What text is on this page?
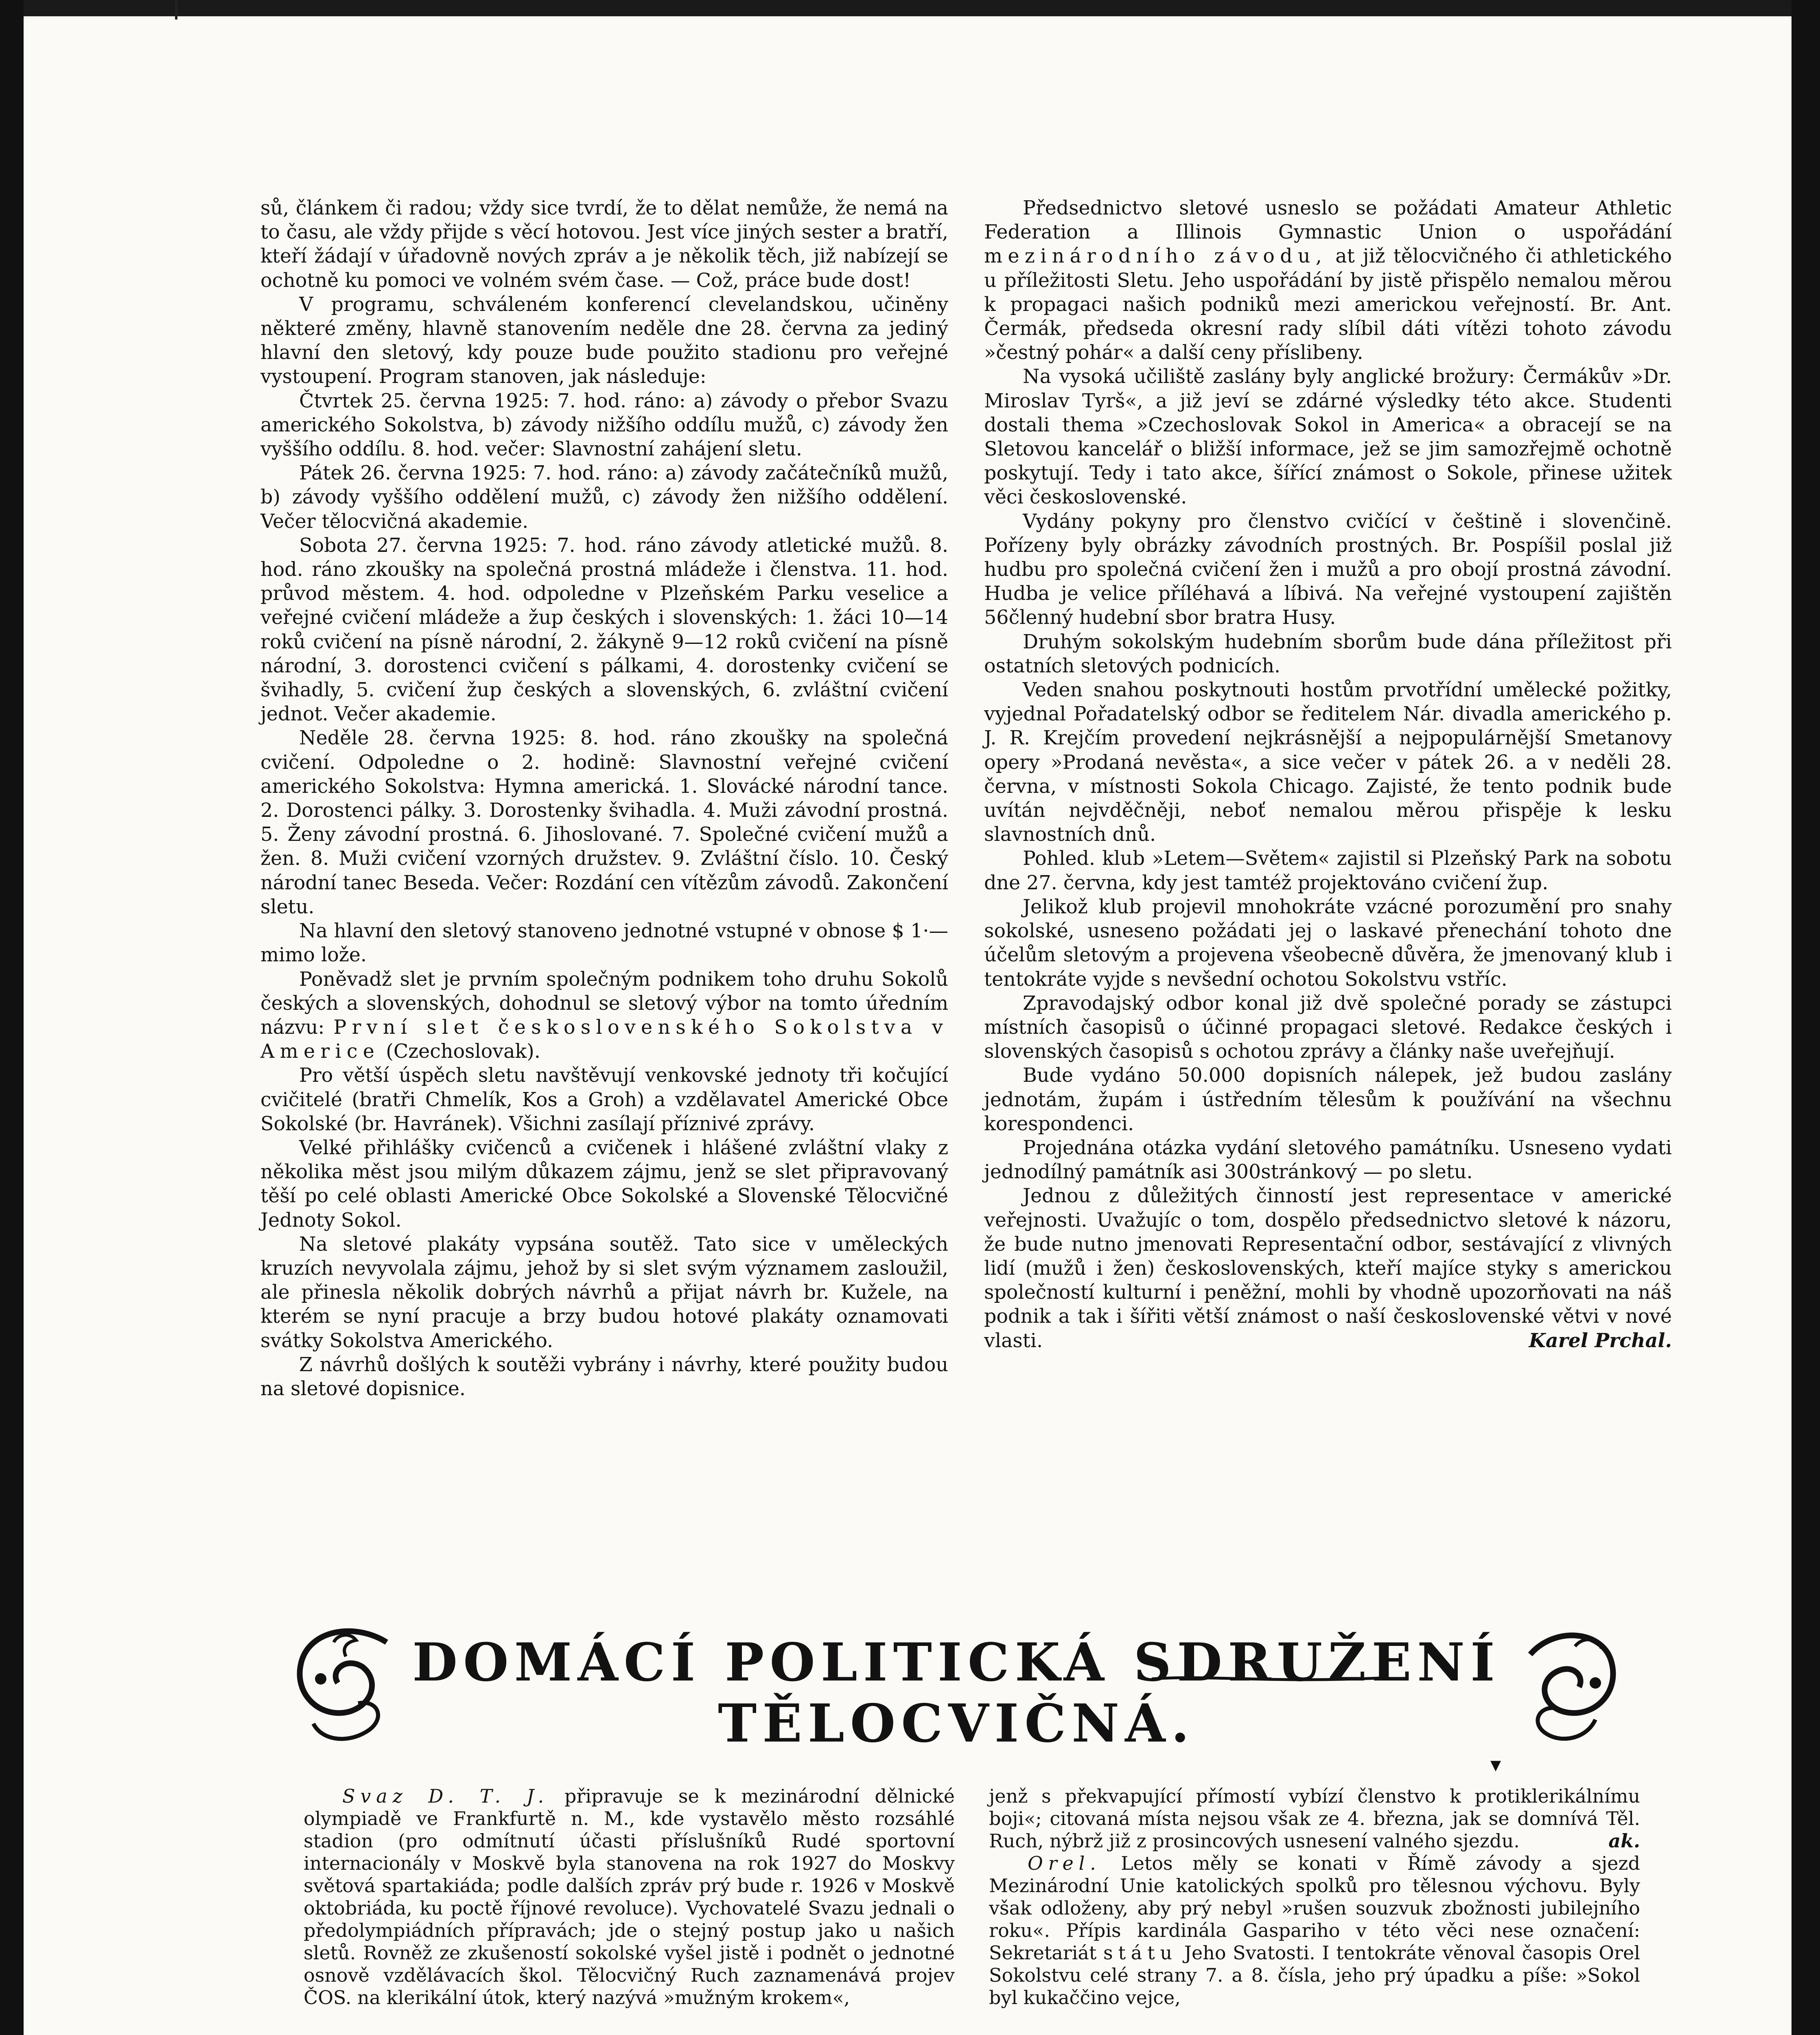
sů, článkem či radou; vždy sice tvrdí, že to dělat nemůže, že nemá na to času, ale vždy přijde s věcí hotovou. Jest více jiných sester a bratří, kteří žádají v úřadovně nových zpráv a je několik těch, již nabízejí se ochotně ku pomoci ve volném svém čase. — Což, práce bude dost!

V programu, schváleném konferencí clevelandskou, učiněny některé změny, hlavně stanovením neděle dne 28. června za jediný hlavní den sletový, kdy pouze bude použito stadionu pro veřejné vystoupení. Program stanoven, jak následuje:

Čtvrtek 25. června 1925: 7. hod. ráno: a) závody o přebor Svazu amerického Sokolstva, b) závody nižšího oddílu mužů, c) závody žen vyššího oddílu. 8. hod. večer: Slavnostní zahájení sletu.

Pátek 26. června 1925: 7. hod. ráno: a) závody začátečníků mužů, b) závody vyššího oddělení mužů, c) závody žen nižšího oddělení. Večer tělocvičná akademie.

Sobota 27. června 1925: 7. hod. ráno závody atletické mužů. 8. hod. ráno zkoušky na společná prostná mládeže i členstva. 11. hod. průvod městem. 4. hod. odpoledne v Plzeňském Parku veselice a veřejné cvičení mládeže a žup českých i slovenských: 1. žáci 10—14 roků cvičení na písně národní, 2. žákyně 9—12 roků cvičení na písně národní, 3. dorostenci cvičení s pálkami, 4. dorostenky cvičení se švihadly, 5. cvičení žup českých a slovenských, 6. zvláštní cvičení jednot. Večer akademie.

Neděle 28. června 1925: 8. hod. ráno zkoušky na společná cvičení. Odpoledne o 2. hodině: Slavnostní veřejné cvičení amerického Sokolstva: Hymna americká. 1. Slovácké národní tance. 2. Dorostenci pálky. 3. Dorostenky švihadla. 4. Muži závodní prostná. 5. Ženy závodní prostná. 6. Jihoslované. 7. Společné cvičení mužů a žen. 8. Muži cvičení vzorných družstev. 9. Zvláštní číslo. 10. Český národní tanec Beseda. Večer: Rozdání cen vítězům závodů. Zakončení sletu.

Na hlavní den sletový stanoveno jednotné vstupné v obnose $ 1·— mimo lože.

Poněvadž slet je prvním společným podnikem toho druhu Sokolů českých a slovenských, dohodnul se sletový výbor na tomto úředním názvu: První slet československého Sokolstva v Americe (Czechoslovak).

Pro větší úspěch sletu navštěvují venkovské jednoty tři kočující cvičitelé (bratři Chmelík, Kos a Groh) a vzdělavatel Americké Obce Sokolské (br. Havránek). Všichni zasílají příznivé zprávy.

Velké přihlášky cvičenců a cvičenek i hlášené zvláštní vlaky z několika měst jsou milým důkazem zájmu, jenž se slet připravovaný těší po celé oblasti Americké Obce Sokolské a Slovenské Tělocvičné Jednoty Sokol.

Na sletové plakáty vypsána soutěž. Tato sice v uměleckých kruzích nevyvolala zájmu, jehož by si slet svým významem zasloužil, ale přinesla několik dobrých návrhů a přijat návrh br. Kužele, na kterém se nyní pracuje a brzy budou hotové plakáty oznamovati svátky Sokolstva Amerického.

Z návrhů došlých k soutěži vybrány i návrhy, které použity budou na sletové dopisnice.

Předsednictvo sletové usneslo se požádati Amateur Athletic Federation a Illinois Gymnastic Union o uspořádání mezinárodního závodu, at již tělocvičného či athletického u příležitosti Sletu. Jeho uspořádání by jistě přispělo nemalou měrou k propagaci našich podniků mezi americkou veřejností. Br. Ant. Čermák, předseda okresní rady slíbil dáti vítězi tohoto závodu »čestný pohár« a další ceny příslibeny.

Na vysoká učiliště zaslány byly anglické brožury: Čermákův »Dr. Miroslav Tyrš«, a již jeví se zdárné výsledky této akce. Studenti dostali thema »Czechoslovak Sokol in America« a obracejí se na Sletovou kancelář o bližší informace, jež se jim samozřejmě ochotně poskytují. Tedy i tato akce, šířící známost o Sokole, přinese užitek věci československé.

Vydány pokyny pro členstvo cvičící v češtině i slovenčině. Pořízeny byly obrázky závodních prostných. Br. Pospíšil poslal již hudbu pro společná cvičení žen i mužů a pro obojí prostná závodní. Hudba je velice příléhavá a líbivá. Na veřejné vystoupení zajištěn 56členný hudební sbor bratra Husy.

Druhým sokolským hudebním sborům bude dána příležitost při ostatních sletových podnicích.

Veden snahou poskytnouti hostům prvotřídní umělecké požitky, vyjednal Pořadatelský odbor se ředitelem Nár. divadla amerického p. J. R. Krejčím provedení nejkrásnější a nejpopulárnější Smetanovy opery »Prodaná nevěsta«, a sice večer v pátek 26. a v neděli 28. června, v místnosti Sokola Chicago. Zajisté, že tento podnik bude uvítán nejvděčněji, neboť nemalou měrou přispěje k lesku slavnostních dnů.

Pohled. klub »Letem—Světem« zajistil si Plzeňský Park na sobotu dne 27. června, kdy jest tamtéž projektováno cvičení žup.

Jelikož klub projevil mnohokráte vzácné porozumění pro snahy sokolské, usneseno požádati jej o laskavé přenechání tohoto dne účelům sletovým a projevena všeobecně důvěra, že jmenovaný klub i tentokráte vyjde s nevšední ochotou Sokolstvu vstříc.

Zpravodajský odbor konal již dvě společné porady se zástupci místních časopisů o účinné propagaci sletové. Redakce českých i slovenských časopisů s ochotou zprávy a články naše uveřejňují.

Bude vydáno 50.000 dopisních nálepek, jež budou zaslány jednotám, župám i ústředním tělesům k používání na všechnu korespondenci.

Projednána otázka vydání sletového památníku. Usneseno vydati jednodílný památník asi 300stránkový — po sletu.

Jednou z důležitých činností jest representace v americké veřejnosti. Uvažujíc o tom, dospělo předsednictvo sletové k názoru, že bude nutno jmenovati Representační odbor, sestávající z vlivných lidí (mužů i žen) československých, kteří majíce styky s americkou společností kulturní i peněžní, mohli by vhodně upozorňovati na náš podnik a tak i šířiti větší známost o naší československé větvi v nové vlasti.	Karel Prchal.

DOMÁCÍ POLITICKÁ SDRUŽENÍ
TĚLOCVIČNÁ.
▾

Svaz D. T. J. připravuje se k mezinárodní dělnické olympiadě ve Frankfurtě n. M., kde vystavělo město rozsáhlé stadion (pro odmítnutí účasti příslušníků Rudé sportovní internacionály v Moskvě byla stanovena na rok 1927 do Moskvy světová spartakiáda; podle dalších zpráv prý bude r. 1926 v Moskvě oktobriáda, ku poctě říjnové revoluce). Vychovatelé Svazu jednali o předolympiádních přípravách; jde o stejný postup jako u našich sletů. Rovněž ze zkušeností sokolské vyšel jistě i podnět o jednotné osnově vzdělávacích škol. Tělocvičný Ruch zaznamenává projev ČOS. na klerikální útok, který nazývá »mužným krokem«,

jenž s překvapující přímostí vybízí členstvo k protiklerikálnímu boji«; citovaná místa nejsou však ze 4. března, jak se domnívá Těl. Ruch, nýbrž již z prosincových usnesení valného sjezdu.	ak.

Orel. Letos měly se konati v Římě závody a sjezd Mezinárodní Unie katolických spolků pro tělesnou výchovu. Byly však odloženy, aby prý nebyl »rušen souzvuk zbožnosti jubilejního roku«. Přípis kardinála Gaspariho v této věci nese označení: Sekretariát státu Jeho Svatosti. I tentokráte věnoval časopis Orel Sokolstvu celé strany 7. a 8. čísla, jeho prý úpadku a píše: »Sokol byl kukaččino vejce,
